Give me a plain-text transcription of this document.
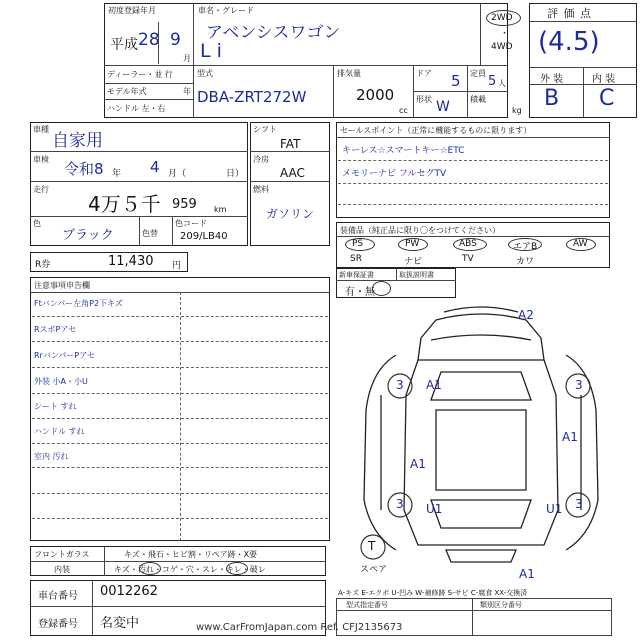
初度登録年月
平成 28 9
月
車名・グレード
アベンシスワゴン
Li
2WD
・
4WD
ディーラー・並 行
モデル年式	年
ハンドル 左・右
型式
DBA-ZRT272W
排気量
2000
cc
ドア 5 定員
5 人
形状 W	積載
kg
評 価 点
(4.5)
外 装	内 装
B C
車種
自家用
車検
令和8 年 4 月（	日）
走行
4万５千 959 km
色
ブラック	色替
色コード
209/LB40
R券	11,430 円
シフト
FAT
冷房
AAC
燃料
ガソリン
セールスポイント（正常に機能するものに限ります）
キーレス☆スマートキー☆ETC
メモリーナビ フルセグTV
装備品（純正品に限り〇をつけてください）
PS	PW	ABS	エアB	AW
SR	ナビ	TV	カワ
新車保証書	取扱説明書
有・無
注意事項申告欄
Ftバンパー左角P2下キズ
RスポPアセ
RrバンパーPアセ
外装 小A・小U
シート すれ
ハンドル すれ
室内 汚れ
A2
3 A1	3
A1
A1
3 U1	U1 3
T
スペア	A1
フロントガラス	キズ・飛石・ヒビ割・リペア跡・X要
内装	キズ・汚れ・コゲ・穴・スレ・キレ・破レ
A-キズ E-エクボ U-凹み W-補修跡 S-サビ C-腐食 XX-交換済
車台番号 0012262
登録番号 名変中
型式指定番号	類別区分番号
www.CarFromJapan.com Ref. CFJ2135673
